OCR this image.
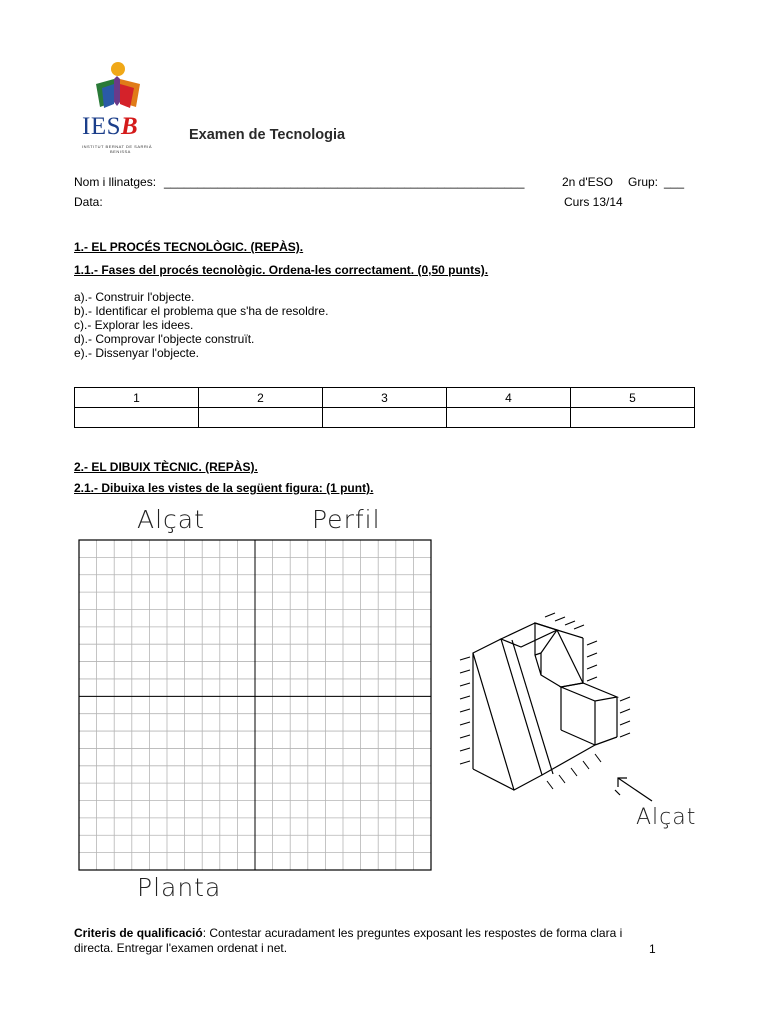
IESB
INSTITUT BERNAT DE SARRIÀ
BENISSA
Examen de Tecnologia
Nom i llinatges: ______________________________________________________	2n d'ESO Grup: ___
Data:	Curs 13/14
1.- EL PROCÉS TECNOLÒGIC. (REPÀS).
1.1.- Fases del procés tecnològic. Ordena-les correctament. (0,50 punts).
a).- Construir l'objecte.
b).- Identificar el problema que s'ha de resoldre.
c).- Explorar les idees.
d).- Comprovar l'objecte construït.
e).- Dissenyar l'objecte.
1	2	3	4	5

2.- EL DIBUIX TÈCNIC. (REPÀS).
2.1.- Dibuixa les vistes de la següent figura: (1 punt).
Alçat	Perfil
Planta
Alçat
Criteris de qualificació: Contestar acuradament les preguntes exposant les respostes de forma clara i
directa. Entregar l'examen ordenat i net.	1
